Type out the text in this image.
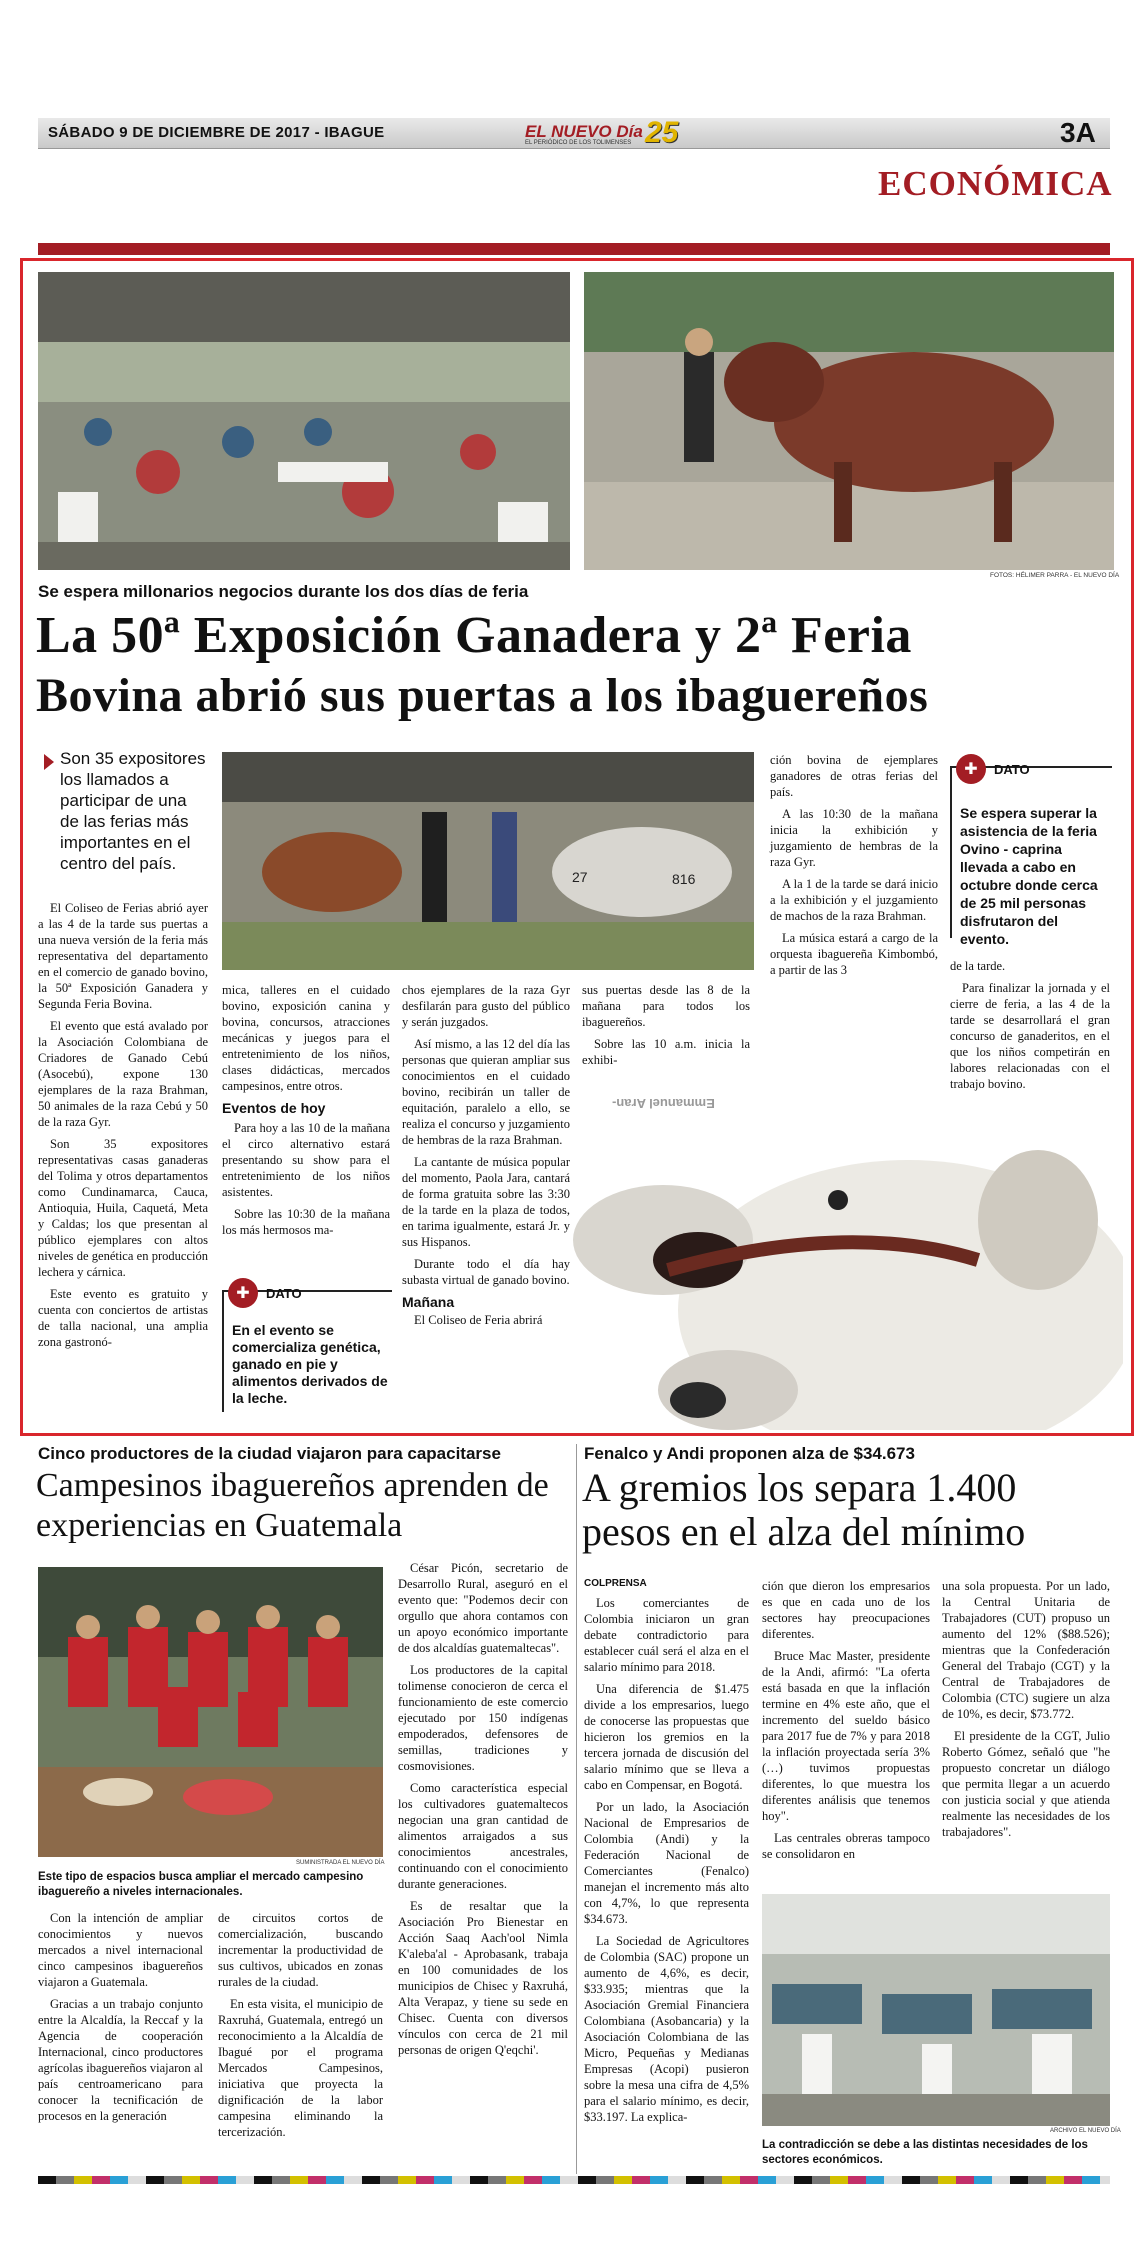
SÁBADO 9 DE DICIEMBRE DE 2017 - IBAGUE	EL NUEVO Día
EL PERIÓDICO DE LOS TOLIMENSES 25	3A
ECONÓMICA
FOTOS: HÉLIMER PARRA - EL NUEVO DÍA
Se espera millonarios negocios durante los dos días de feria
La 50ª Exposición Ganadera y 2ª Feria
Bovina abrió sus puertas a los ibaguereños
Son 35 expositores los llamados a participar de una de las ferias más importantes en el centro del país.
27	816

El Coliseo de Ferias abrió ayer a las 4 de la tarde sus puertas a una nueva versión de la feria más representativa del departamento en el comercio de ganado bovino, la 50ª Exposición Ganadera y Segunda Feria Bovina.

El evento que está avalado por la Asociación Colombiana de Criadores de Ganado Cebú (Asocebú), expone 130 ejemplares de la raza Brahman, 50 animales de la raza Cebú y 50 de la raza Gyr.

Son 35 expositores representativas casas ganaderas del Tolima y otros departamentos como Cundinamarca, Cauca, Antioquia, Huila, Caquetá, Meta y Caldas; los que presentan al público ejemplares con altos niveles de genética en producción lechera y cárnica.

Este evento es gratuito y cuenta con conciertos de artistas de talla nacional, una amplia zona gastronó-

mica, talleres en el cuidado bovino, exposición canina y bovina, concursos, atracciones mecánicas y juegos para el entretenimiento de los niños, clases didácticas, mercados campesinos, entre otros.

Eventos de hoy

Para hoy a las 10 de la mañana el circo alternativo estará presentando su show para el entretenimiento de los niños asistentes.

Sobre las 10:30 de la mañana los más hermosos ma-

✚	DATO
En el evento se comercializa genética, ganado en pie y alimentos derivados de la leche.

chos ejemplares de la raza Gyr desfilarán para gusto del público y serán juzgados.

Así mismo, a las 12 del día las personas que quieran ampliar sus conocimientos en el cuidado bovino, recibirán un taller de equitación, paralelo a ello, se realiza el concurso y juzgamiento de hembras de la raza Brahman.

La cantante de música popular del momento, Paola Jara, cantará de forma gratuita sobre las 3:30 de la tarde en la plaza de todos, en tarima igualmente, estará Jr. y sus Hispanos.

Durante todo el día hay subasta virtual de ganado bovino.

Mañana

El Coliseo de Feria abrirá

sus puertas desde las 8 de la mañana para todos los ibaguereños.

Sobre las 10 a.m. inicia la exhibi-

Emmanuel Aran-

ción bovina de ejemplares ganadores de otras ferias del país.

A las 10:30 de la mañana inicia la exhibición y juzgamiento de hembras de la raza Gyr.

A la 1 de la tarde se dará inicio a la exhibición y el juzgamiento de machos de la raza Brahman.

La música estará a cargo de la orquesta ibaguereña Kimbombó, a partir de las 3

✚	DATO
Se espera superar la asistencia de la feria Ovino - caprina llevada a cabo en octubre donde cerca de 25 mil personas disfrutaron del evento.

de la tarde.

Para finalizar la jornada y el cierre de feria, a las 4 de la tarde se desarrollará el gran concurso de ganaderitos, en el que los niños competirán en labores relacionadas con el trabajo bovino.

Cinco productores de la ciudad viajaron para capacitarse
Campesinos ibaguereños aprenden de experiencias en Guatemala
SUMINISTRADA EL NUEVO DÍA
Este tipo de espacios busca ampliar el mercado campesino ibaguereño a niveles internacionales.

César Picón, secretario de Desarrollo Rural, aseguró en el evento que: "Podemos decir con orgullo que ahora contamos con un apoyo económico importante de dos alcaldías guatemaltecas".

Los productores de la capital tolimense conocieron de cerca el funcionamiento de este comercio ejecutado por 150 indígenas empoderados, defensores de semillas, tradiciones y cosmovisiones.

Como característica especial los cultivadores guatemaltecos negocian una gran cantidad de alimentos arraigados a sus conocimientos ancestrales, continuando con el conocimiento durante generaciones.

Es de resaltar que la Asociación Pro Bienestar en Acción Saaq Aach'ool Nimla K'aleba'al - Aprobasank, trabaja en 100 comunidades de los municipios de Chisec y Raxruhá, Alta Verapaz, y tiene su sede en Chisec. Cuenta con diversos vínculos con cerca de 21 mil personas de origen Q'eqchi'.

Con la intención de ampliar conocimientos y nuevos mercados a nivel internacional cinco campesinos ibaguereños viajaron a Guatemala.

Gracias a un trabajo conjunto entre la Alcaldía, la Reccaf y la Agencia de cooperación Internacional, cinco productores agrícolas ibaguereños viajaron al país centroamericano para conocer la tecnificación de procesos en la generación

de circuitos cortos de comercialización, buscando incrementar la productividad de sus cultivos, ubicados en zonas rurales de la ciudad.

En esta visita, el municipio de Raxruhá, Guatemala, entregó un reconocimiento a la Alcaldía de Ibagué por el programa Mercados Campesinos, iniciativa que proyecta la dignificación de la labor campesina eliminando la tercerización.

Fenalco y Andi proponen alza de $34.673
A gremios los separa 1.400 pesos en el alza del mínimo
COLPRENSA

Los comerciantes de Colombia iniciaron un gran debate contradictorio para establecer cuál será el alza en el salario mínimo para 2018.

Una diferencia de $1.475 divide a los empresarios, luego de conocerse las propuestas que hicieron los gremios en la tercera jornada de discusión del salario mínimo que se lleva a cabo en Compensar, en Bogotá.

Por un lado, la Asociación Nacional de Empresarios de Colombia (Andi) y la Federación Nacional de Comerciantes (Fenalco) manejan el incremento más alto con 4,7%, lo que representa $34.673.

La Sociedad de Agricultores de Colombia (SAC) propone un aumento de 4,6%, es decir, $33.935; mientras que la Asociación Gremial Financiera Colombiana (Asobancaria) y la Asociación Colombiana de las Micro, Pequeñas y Medianas Empresas (Acopi) pusieron sobre la mesa una cifra de 4,5% para el salario mínimo, es decir, $33.197. La explica-

ción que dieron los empresarios es que en cada uno de los sectores hay preocupaciones diferentes.

Bruce Mac Master, presidente de la Andi, afirmó: "La oferta está basada en que la inflación termine en 4% este año, que el incremento del sueldo básico para 2017 fue de 7% y para 2018 la inflación proyectada sería 3% (…) tuvimos propuestas diferentes, lo que muestra los diferentes análisis que tenemos hoy".

Las centrales obreras tampoco se consolidaron en

una sola propuesta. Por un lado, la Central Unitaria de Trabajadores (CUT) propuso un aumento del 12% ($88.526); mientras que la Confederación General del Trabajo (CGT) y la Central de Trabajadores de Colombia (CTC) sugiere un alza de 10%, es decir, $73.772.

El presidente de la CGT, Julio Roberto Gómez, señaló que "he propuesto concretar un diálogo que permita llegar a un acuerdo con justicia social y que atienda realmente las necesidades de los trabajadores".

ARCHIVO EL NUEVO DÍA
La contradicción se debe a las distintas necesidades de los sectores económicos.
